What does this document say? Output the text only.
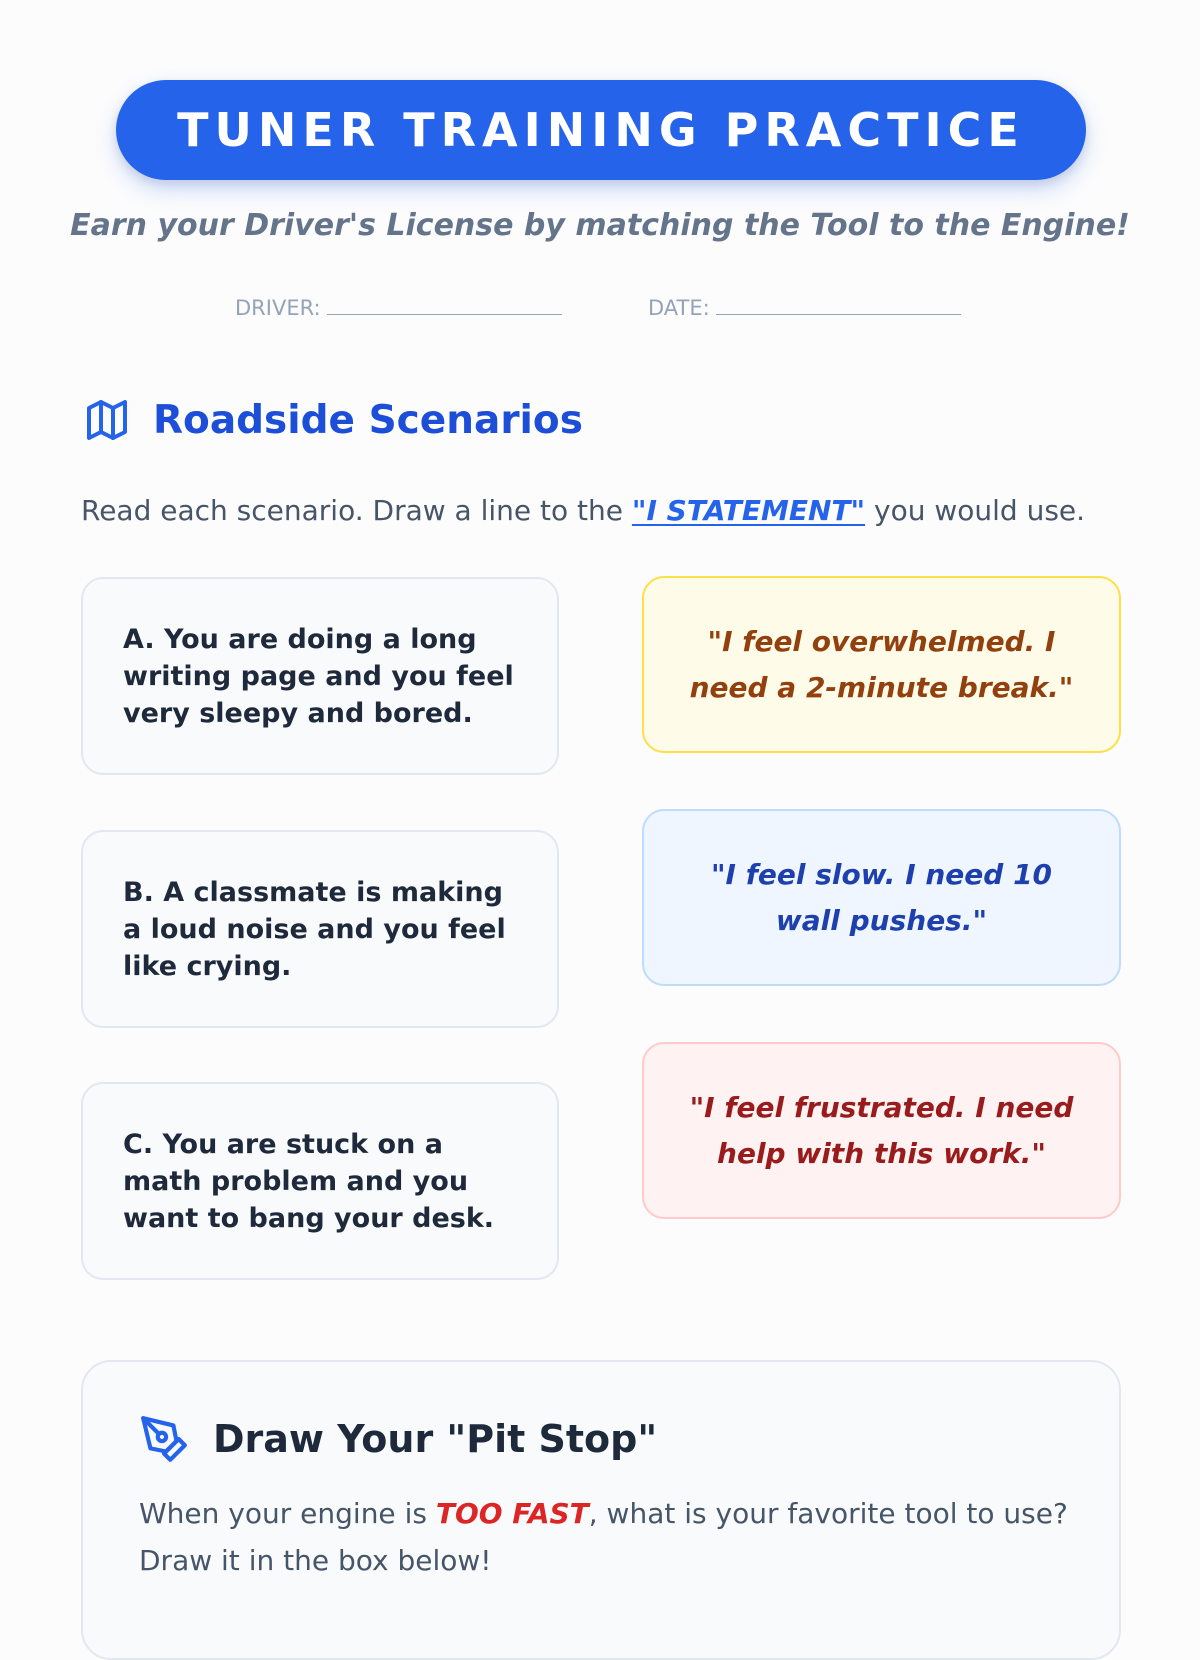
TUNER TRAINING PRACTICE
Earn your Driver's License by matching the Tool to the Engine!
DRIVER:	DATE:
Roadside Scenarios
Read each scenario. Draw a line to the "I STATEMENT" you would use.
A. You are doing a long writing page and you feel very sleepy and bored.
B. A classmate is making a loud noise and you feel like crying.
C. You are stuck on a math problem and you want to bang your desk.
"I feel overwhelmed. I need a 2-minute break."
"I feel slow. I need 10 wall pushes."
"I feel frustrated. I need help with this work."
Draw Your "Pit Stop"
When your engine is TOO FAST, what is your favorite tool to use? Draw it in the box below!
